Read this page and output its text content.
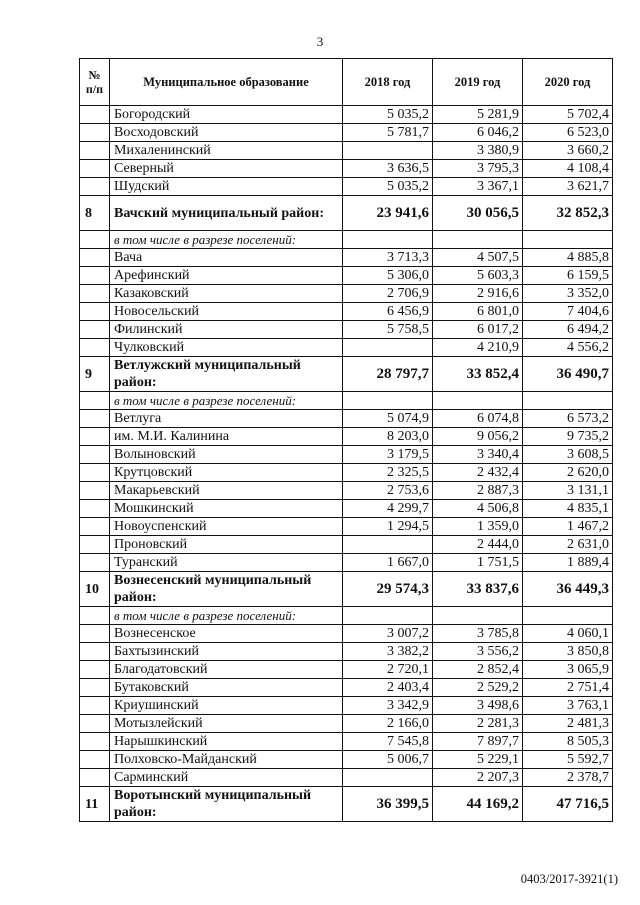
3
№ п/п	Муниципальное образование	2018 год	2019 год	2020 год
	Богородский	5 035,2	5 281,9	5 702,4
	Восходовский	5 781,7	6 046,2	6 523,0
	Михаленинский		3 380,9	3 660,2
	Северный	3 636,5	3 795,3	4 108,4
	Шудский	5 035,2	3 367,1	3 621,7
8	Вачский муниципальный район:	23 941,6	30 056,5	32 852,3
	в том числе в разрезе поселений:			
	Вача	3 713,3	4 507,5	4 885,8
	Арефинский	5 306,0	5 603,3	6 159,5
	Казаковский	2 706,9	2 916,6	3 352,0
	Новосельский	6 456,9	6 801,0	7 404,6
	Филинский	5 758,5	6 017,2	6 494,2
	Чулковский		4 210,9	4 556,2
9	Ветлужский муниципальный район:	28 797,7	33 852,4	36 490,7
	в том числе в разрезе поселений:			
	Ветлуга	5 074,9	6 074,8	6 573,2
	им. М.И. Калинина	8 203,0	9 056,2	9 735,2
	Волыновский	3 179,5	3 340,4	3 608,5
	Крутцовский	2 325,5	2 432,4	2 620,0
	Макарьевский	2 753,6	2 887,3	3 131,1
	Мошкинский	4 299,7	4 506,8	4 835,1
	Новоуспенский	1 294,5	1 359,0	1 467,2
	Проновский		2 444,0	2 631,0
	Туранский	1 667,0	1 751,5	1 889,4
10	Вознесенский муниципальный район:	29 574,3	33 837,6	36 449,3
	в том числе в разрезе поселений:			
	Вознесенское	3 007,2	3 785,8	4 060,1
	Бахтызинский	3 382,2	3 556,2	3 850,8
	Благодатовский	2 720,1	2 852,4	3 065,9
	Бутаковский	2 403,4	2 529,2	2 751,4
	Криушинский	3 342,9	3 498,6	3 763,1
	Мотызлейский	2 166,0	2 281,3	2 481,3
	Нарышкинский	7 545,8	7 897,7	8 505,3
	Полховско-Майданский	5 006,7	5 229,1	5 592,7
	Сарминский		2 207,3	2 378,7
11	Воротынский муниципальный район:	36 399,5	44 169,2	47 716,5
0403/2017-3921(1)
